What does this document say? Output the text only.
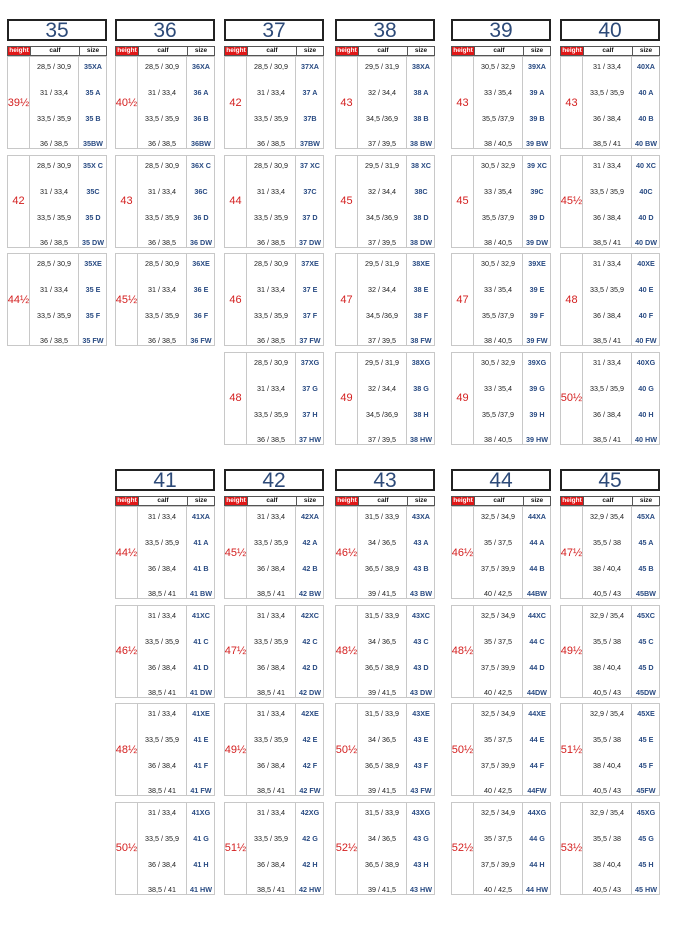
35
height	calf	size
39½
28,5 / 30,9	35XA
31 / 33,4	35 A
33,5 / 35,9	35 B
36 / 38,5	35BW
42
28,5 / 30,9	35X C
31 / 33,4	35C
33,5 / 35,9	35 D
36 / 38,5	35 DW
44½
28,5 / 30,9	35XE
31 / 33,4	35 E
33,5 / 35,9	35 F
36 / 38,5	35 FW
36
height	calf	size
40½
28,5 / 30,9	36XA
31 / 33,4	36 A
33,5 / 35,9	36 B
36 / 38,5	36BW
43
28,5 / 30,9	36X C
31 / 33,4	36C
33,5 / 35,9	36 D
36 / 38,5	36 DW
45½
28,5 / 30,9	36XE
31 / 33,4	36 E
33,5 / 35,9	36 F
36 / 38,5	36 FW
37
height	calf	size
42
28,5 / 30,9	37XA
31 / 33,4	37 A
33,5 / 35,9	37B
36 / 38,5	37BW
44
28,5 / 30,9	37 XC
31 / 33,4	37C
33,5 / 35,9	37 D
36 / 38,5	37 DW
46
28,5 / 30,9	37XE
31 / 33,4	37 E
33,5 / 35,9	37 F
36 / 38,5	37 FW
48
28,5 / 30,9	37XG
31 / 33,4	37 G
33,5 / 35,9	37 H
36 / 38,5	37 HW
38
height	calf	size
43
29,5 / 31,9	38XA
32 / 34,4	38 A
34,5 /36,9	38 B
37 / 39,5	38 BW
45
29,5 / 31,9	38 XC
32 / 34,4	38C
34,5 /36,9	38 D
37 / 39,5	38 DW
47
29,5 / 31,9	38XE
32 / 34,4	38 E
34,5 /36,9	38 F
37 / 39,5	38 FW
49
29,5 / 31,9	38XG
32 / 34,4	38 G
34,5 /36,9	38 H
37 / 39,5	38 HW
39
height	calf	size
43
30,5 / 32,9	39XA
33 / 35,4	39 A
35,5 /37,9	39 B
38 / 40,5	39 BW
45
30,5 / 32,9	39 XC
33 / 35,4	39C
35,5 /37,9	39 D
38 / 40,5	39 DW
47
30,5 / 32,9	39XE
33 / 35,4	39 E
35,5 /37,9	39 F
38 / 40,5	39 FW
49
30,5 / 32,9	39XG
33 / 35,4	39 G
35,5 /37,9	39 H
38 / 40,5	39 HW
40
height	calf	size
43
31 / 33,4	40XA
33,5 / 35,9	40 A
36 / 38,4	40 B
38,5 / 41	40 BW
45½
31 / 33,4	40 XC
33,5 / 35,9	40C
36 / 38,4	40 D
38,5 / 41	40 DW
48
31 / 33,4	40XE
33,5 / 35,9	40 E
36 / 38,4	40 F
38,5 / 41	40 FW
50½
31 / 33,4	40XG
33,5 / 35,9	40 G
36 / 38,4	40 H
38,5 / 41	40 HW
41
height	calf	size
44½
31 / 33,4	41XA
33,5 / 35,9	41 A
36 / 38,4	41 B
38,5 / 41	41 BW
46½
31 / 33,4	41XC
33,5 / 35,9	41 C
36 / 38,4	41 D
38,5 / 41	41 DW
48½
31 / 33,4	41XE
33,5 / 35,9	41 E
36 / 38,4	41 F
38,5 / 41	41 FW
50½
31 / 33,4	41XG
33,5 / 35,9	41 G
36 / 38,4	41 H
38,5 / 41	41 HW
42
height	calf	size
45½
31 / 33,4	42XA
33,5 / 35,9	42 A
36 / 38,4	42 B
38,5 / 41	42 BW
47½
31 / 33,4	42XC
33,5 / 35,9	42 C
36 / 38,4	42 D
38,5 / 41	42 DW
49½
31 / 33,4	42XE
33,5 / 35,9	42 E
36 / 38,4	42 F
38,5 / 41	42 FW
51½
31 / 33,4	42XG
33,5 / 35,9	42 G
36 / 38,4	42 H
38,5 / 41	42 HW
43
height	calf	size
46½
31,5 / 33,9	43XA
34 / 36,5	43 A
36,5 / 38,9	43 B
39 / 41,5	43 BW
48½
31,5 / 33,9	43XC
34 / 36,5	43 C
36,5 / 38,9	43 D
39 / 41,5	43 DW
50½
31,5 / 33,9	43XE
34 / 36,5	43 E
36,5 / 38,9	43 F
39 / 41,5	43 FW
52½
31,5 / 33,9	43XG
34 / 36,5	43 G
36,5 / 38,9	43 H
39 / 41,5	43 HW
44
height	calf	size
46½
32,5 / 34,9	44XA
35 / 37,5	44 A
37,5 / 39,9	44 B
40 / 42,5	44BW
48½
32,5 / 34,9	44XC
35 / 37,5	44 C
37,5 / 39,9	44 D
40 / 42,5	44DW
50½
32,5 / 34,9	44XE
35 / 37,5	44 E
37,5 / 39,9	44 F
40 / 42,5	44FW
52½
32,5 / 34,9	44XG
35 / 37,5	44 G
37,5 / 39,9	44 H
40 / 42,5	44 HW
45
height	calf	size
47½
32,9 / 35,4	45XA
35,5 / 38	45 A
38 / 40,4	45 B
40,5 / 43	45BW
49½
32,9 / 35,4	45XC
35,5 / 38	45 C
38 / 40,4	45 D
40,5 / 43	45DW
51½
32,9 / 35,4	45XE
35,5 / 38	45 E
38 / 40,4	45 F
40,5 / 43	45FW
53½
32,9 / 35,4	45XG
35,5 / 38	45 G
38 / 40,4	45 H
40,5 / 43	45 HW
